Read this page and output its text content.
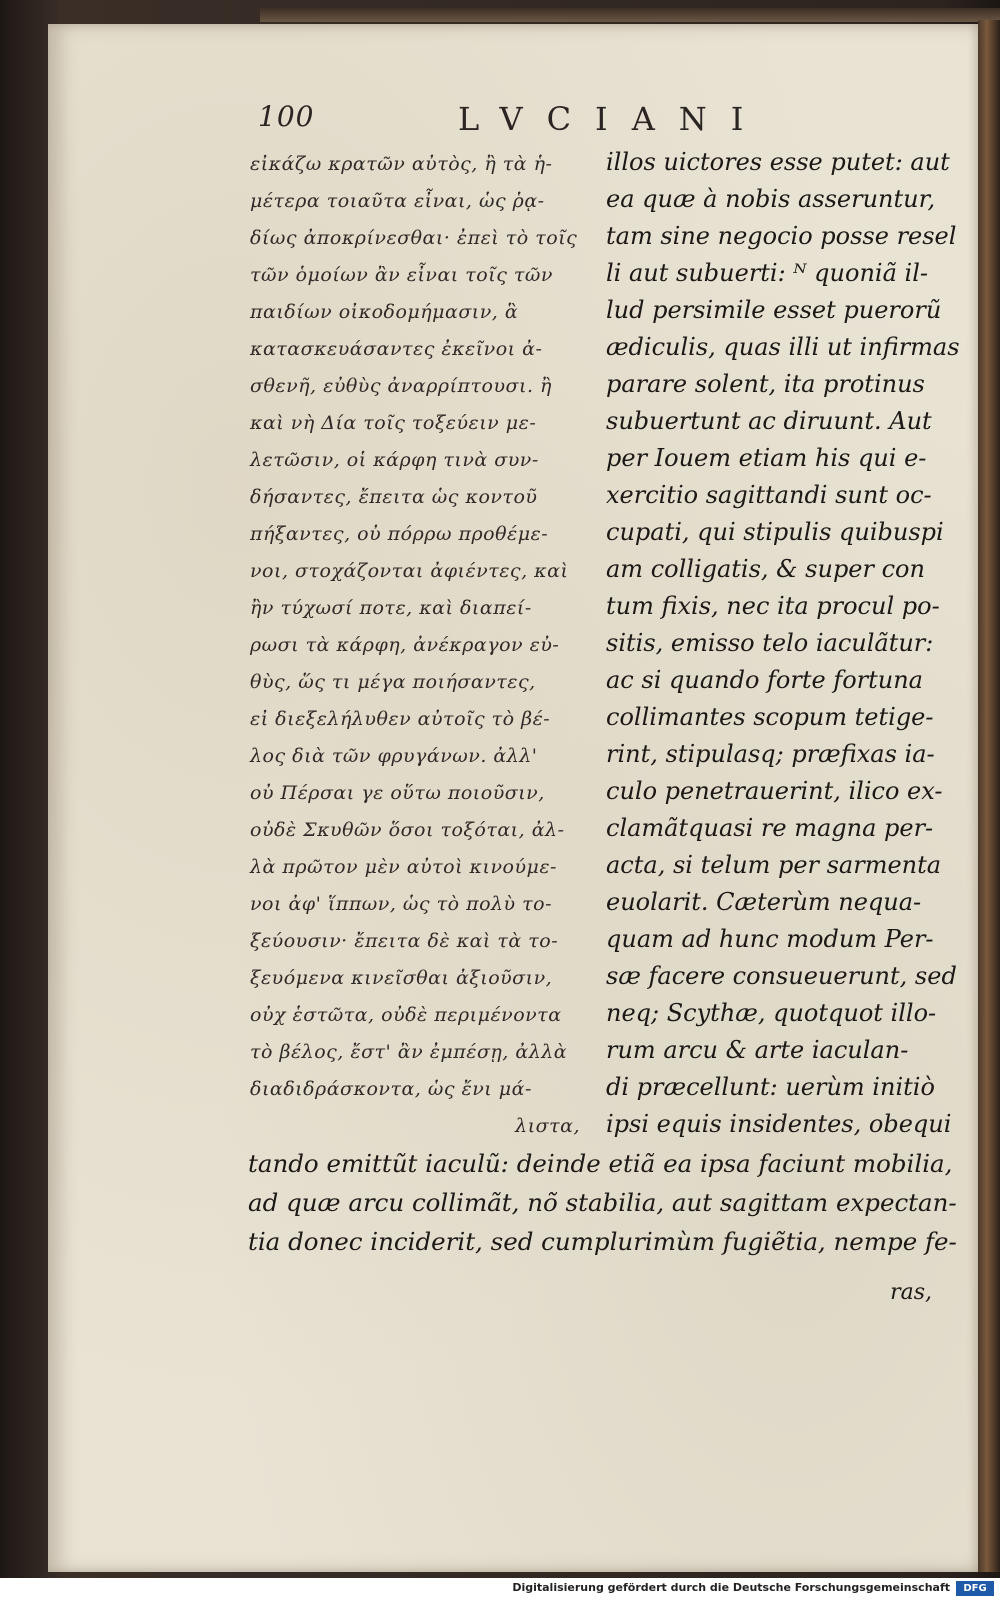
100	LVCIANI
εἰκάζω κρατῶν αὐτὸς, ἢ τὰ ἡ-
μέτερα τοιαῦτα εἶναι, ὡς ῥᾳ-
δίως ἀποκρίνεσθαι· ἐπεὶ τὸ τοῖς
τῶν ὁμοίων ἂν εἶναι τοῖς τῶν
παιδίων οἰκοδομήμασιν, ἃ
κατασκευάσαντες ἐκεῖνοι ἀ-
σθενῆ, εὐθὺς ἀναρρίπτουσι. ἢ
καὶ νὴ Δία τοῖς τοξεύειν με-
λετῶσιν, οἱ κάρφη τινὰ συν-
δήσαντες, ἔπειτα ὡς κοντοῦ
πήξαντες, οὐ πόρρω προθέμε-
νοι, στοχάζονται ἀφιέντες, καὶ
ἢν τύχωσί ποτε, καὶ διαπεί-
ρωσι τὰ κάρφη, ἀνέκραγον εὐ-
θὺς, ὥς τι μέγα ποιήσαντες,
εἰ διεξελήλυθεν αὐτοῖς τὸ βέ-
λος διὰ τῶν φρυγάνων. ἀλλ'
οὐ Πέρσαι γε οὕτω ποιοῦσιν,
οὐδὲ Σκυθῶν ὅσοι τοξόται, ἀλ-
λὰ πρῶτον μὲν αὐτοὶ κινούμε-
νοι ἀφ' ἵππων, ὡς τὸ πολὺ το-
ξεύουσιν· ἔπειτα δὲ καὶ τὰ το-
ξευόμενα κινεῖσθαι ἀξιοῦσιν,
οὐχ ἑστῶτα, οὐδὲ περιμένοντα
τὸ βέλος, ἔστ' ἂν ἐμπέσῃ, ἀλλὰ
διαδιδράσκοντα, ὡς ἔνι μά-
λιστα,
illos uictores esse putet: aut
ea quæ à nobis asseruntur,
tam sine negocio posse resel
li aut subuerti: ᴺ quoniã il-
lud persimile esset puerorũ
ædiculis, quas illi ut infirmas
parare solent, ita protinus
subuertunt ac diruunt. Aut
per Iouem etiam his qui e-
xercitio sagittandi sunt oc-
cupati, qui stipulis quibuspi
am colligatis, & super con
tum fixis, nec ita procul po-
sitis, emisso telo iaculãtur:
ac si quando forte fortuna
collimantes scopum tetige-
rint, stipulasq; præfixas ia-
culo penetrauerint, ilico ex-
clamãtquasi re magna per-
acta, si telum per sarmenta
euolarit. Cæterùm nequa-
quam ad hunc modum Per-
sæ facere consueuerunt, sed
neq; Scythæ, quotquot illo-
rum arcu & arte iaculan-
di præcellunt: uerùm initiò
ipsi equis insidentes, obequi
tando emittũt iaculũ: deinde etiã ea ipsa faciunt mobilia,
ad quæ arcu collimãt, nõ stabilia, aut sagittam expectan-
tia donec inciderit, sed cumplurimùm fugiẽtia, nempe fe-
ras,
Digitalisierung gefördert durch die Deutsche Forschungsgemeinschaft	DFG
